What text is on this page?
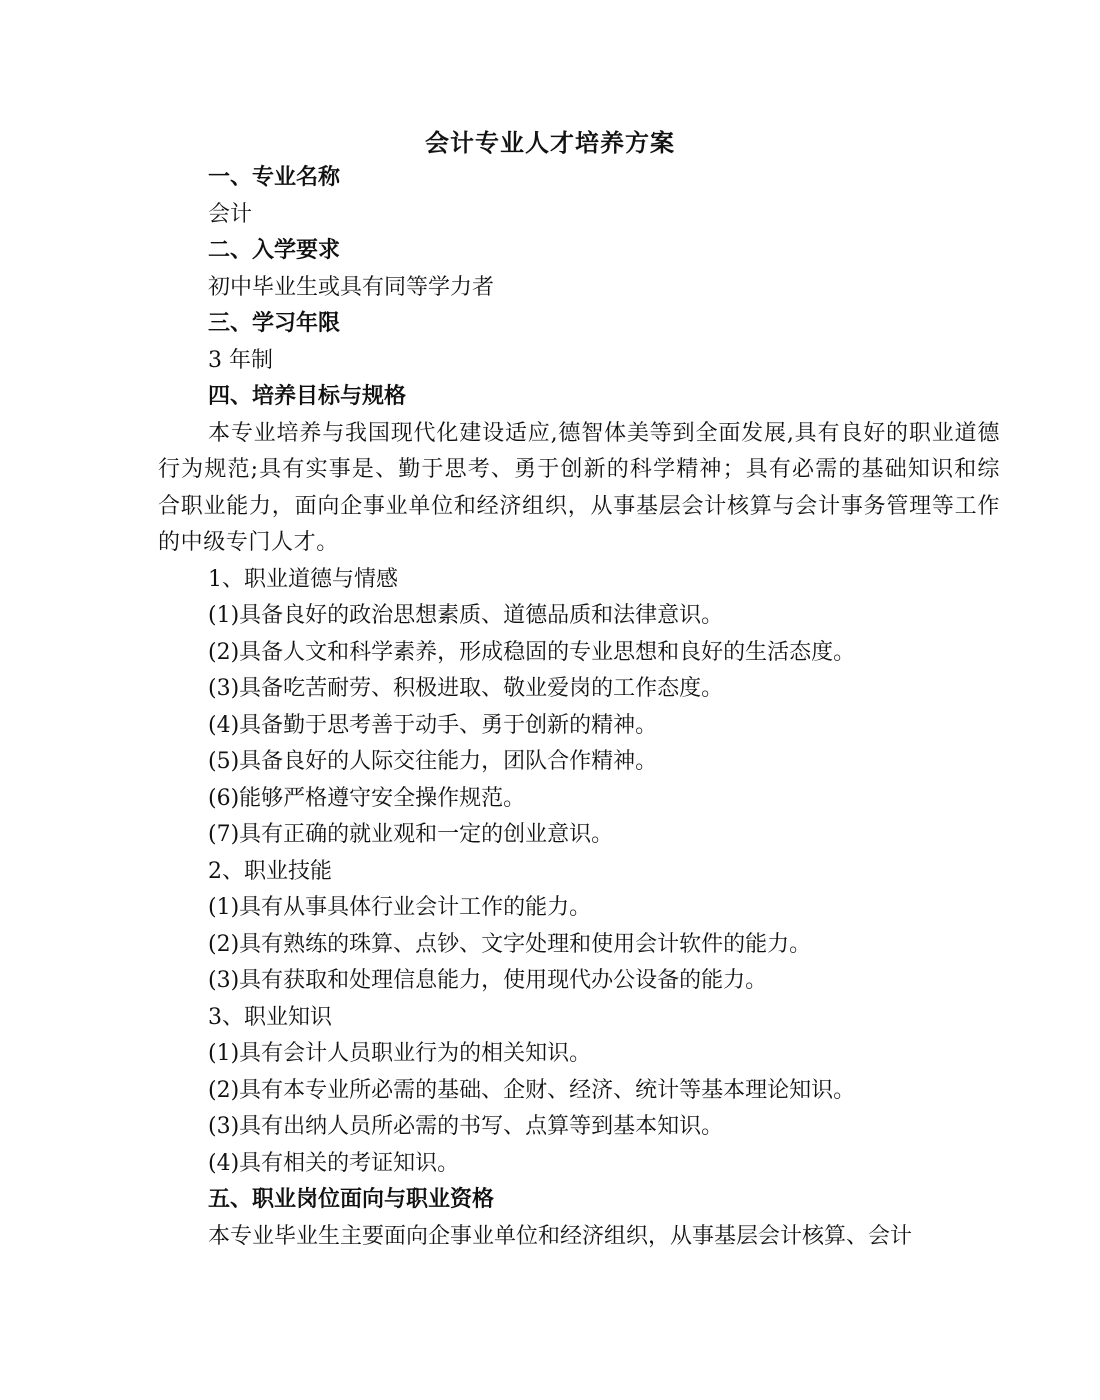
会计专业人才培养方案
一、专业名称
会计
二、入学要求
初中毕业生或具有同等学力者
三、学习年限
3 年制
四、培养目标与规格
本专业培养与我国现代化建设适应,德智体美等到全面发展,具有良好的职业道德行为规范;具有实事是、勤于思考、勇于创新的科学精神；具有必需的基础知识和综合职业能力，面向企事业单位和经济组织，从事基层会计核算与会计事务管理等工作的中级专门人才。
1、职业道德与情感
(1)具备良好的政治思想素质、道德品质和法律意识。
(2)具备人文和科学素养，形成稳固的专业思想和良好的生活态度。
(3)具备吃苦耐劳、积极进取、敬业爱岗的工作态度。
(4)具备勤于思考善于动手、勇于创新的精神。
(5)具备良好的人际交往能力，团队合作精神。
(6)能够严格遵守安全操作规范。
(7)具有正确的就业观和一定的创业意识。
2、职业技能
(1)具有从事具体行业会计工作的能力。
(2)具有熟练的珠算、点钞、文字处理和使用会计软件的能力。
(3)具有获取和处理信息能力，使用现代办公设备的能力。
3、职业知识
(1)具有会计人员职业行为的相关知识。
(2)具有本专业所必需的基础、企财、经济、统计等基本理论知识。
(3)具有出纳人员所必需的书写、点算等到基本知识。
(4)具有相关的考证知识。
五、职业岗位面向与职业资格
本专业毕业生主要面向企事业单位和经济组织，从事基层会计核算、会计
